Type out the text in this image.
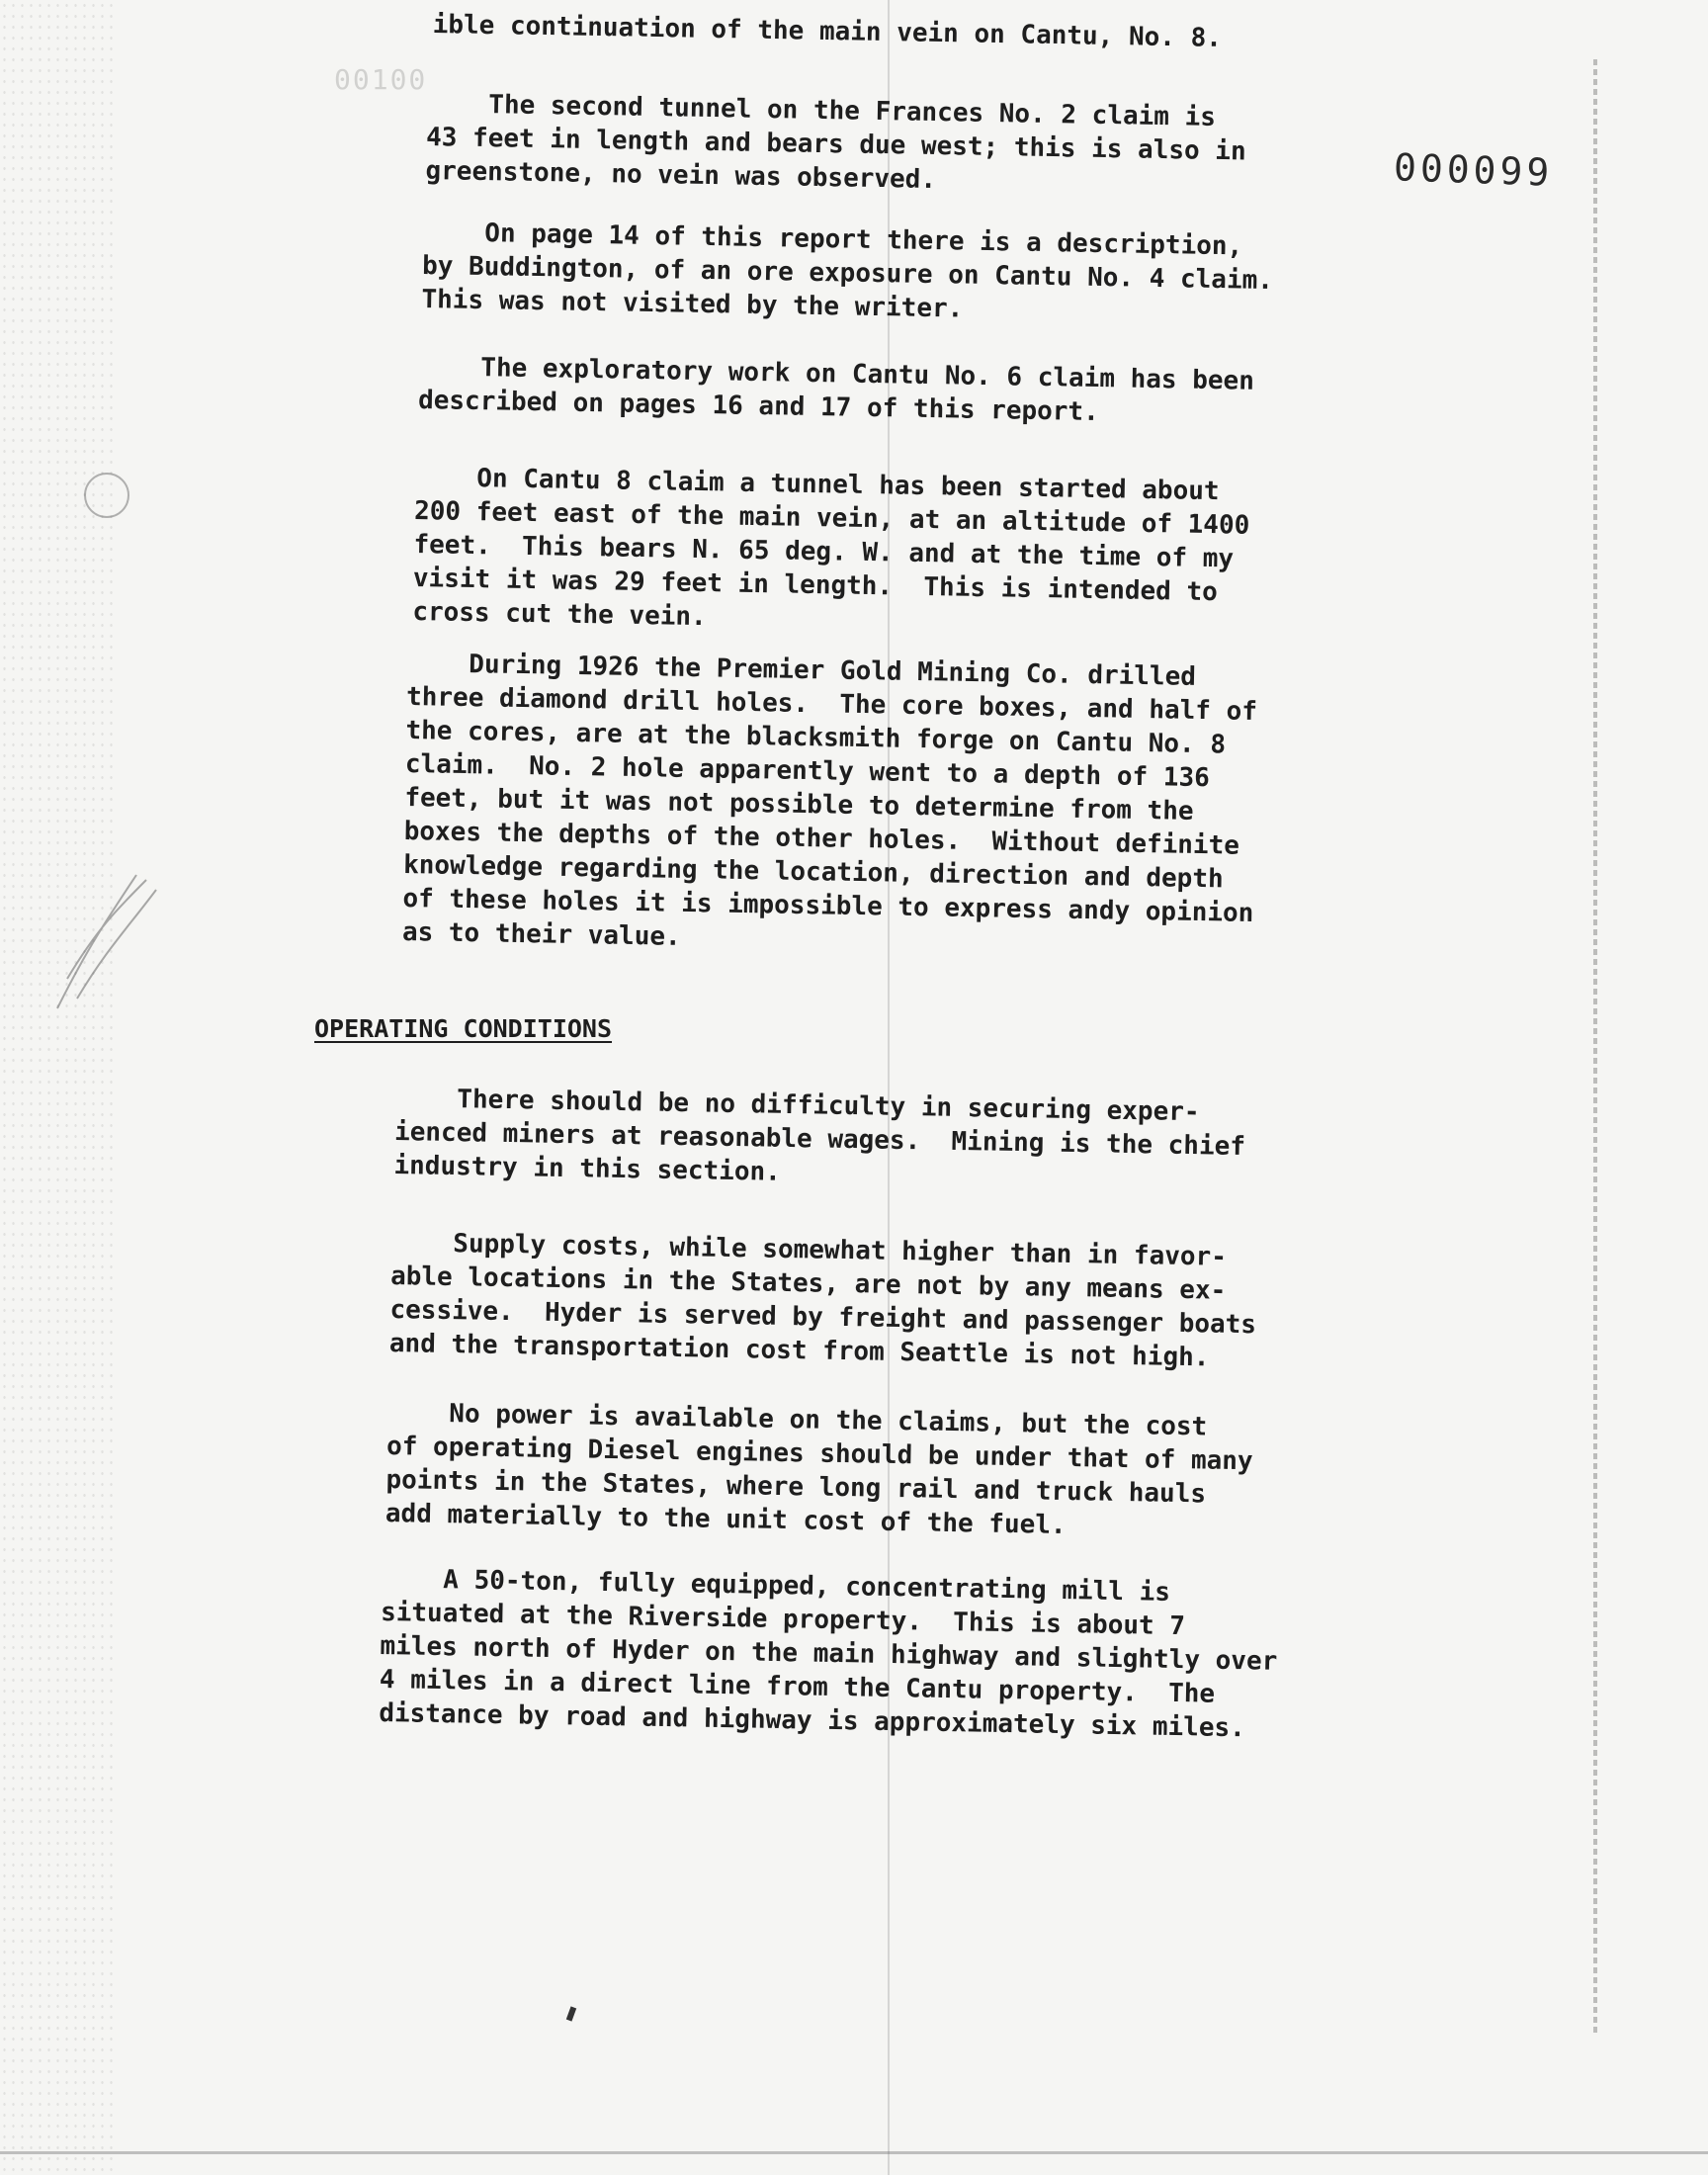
00100
000099

ible continuation of the main vein on Cantu, No. 8.

The second tunnel on the Frances No. 2 claim is
43 feet in length and bears due west; this is also in
greenstone, no vein was observed.

On page 14 of this report there is a description,
by Buddington, of an ore exposure on Cantu No. 4 claim.
This was not visited by the writer.

The exploratory work on Cantu No. 6 claim has been
described on pages 16 and 17 of this report.

On Cantu 8 claim a tunnel has been started about
200 feet east of the main vein, at an altitude of 1400
feet.  This bears N. 65 deg. W. and at the time of my
visit it was 29 feet in length.  This is intended to
cross cut the vein.

During 1926 the Premier Gold Mining Co. drilled
three diamond drill holes.  The core boxes, and half of
the cores, are at the blacksmith forge on Cantu No. 8
claim.  No. 2 hole apparently went to a depth of 136
feet, but it was not possible to determine from the
boxes the depths of the other holes.  Without definite
knowledge regarding the location, direction and depth
of these holes it is impossible to express andy opinion
as to their value.

OPERATING CONDITIONS

There should be no difficulty in securing exper-
ienced miners at reasonable wages.  Mining is the chief
industry in this section.

Supply costs, while somewhat higher than in favor-
able locations in the States, are not by any means ex-
cessive.  Hyder is served by freight and passenger boats
and the transportation cost from Seattle is not high.

No power is available on the claims, but the cost
of operating Diesel engines should be under that of many
points in the States, where long rail and truck hauls
add materially to the unit cost of the fuel.

A 50-ton, fully equipped, concentrating mill is
situated at the Riverside property.  This is about 7
miles north of Hyder on the main highway and slightly over
4 miles in a direct line from the Cantu property.  The
distance by road and highway is approximately six miles.
